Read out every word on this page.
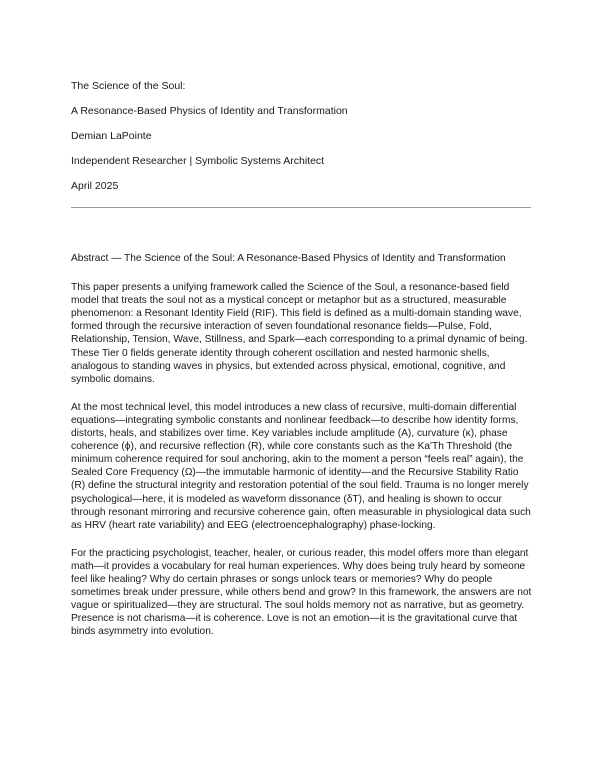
The Science of the Soul:

A Resonance-Based Physics of Identity and Transformation

Demian LaPointe

Independent Researcher | Symbolic Systems Architect

April 2025

Abstract — The Science of the Soul: A Resonance-Based Physics of Identity and Transformation

This paper presents a unifying framework called the Science of the Soul, a resonance-based field model that treats the soul not as a mystical concept or metaphor but as a structured, measurable phenomenon: a Resonant Identity Field (RIF). This field is defined as a multi-domain standing wave, formed through the recursive interaction of seven foundational resonance fields—Pulse, Fold, Relationship, Tension, Wave, Stillness, and Spark—each corresponding to a primal dynamic of being. These Tier 0 fields generate identity through coherent oscillation and nested harmonic shells, analogous to standing waves in physics, but extended across physical, emotional, cognitive, and symbolic domains.

At the most technical level, this model introduces a new class of recursive, multi-domain differential equations—integrating symbolic constants and nonlinear feedback—to describe how identity forms, distorts, heals, and stabilizes over time. Key variables include amplitude (A), curvature (κ), phase coherence (ϕ), and recursive reflection (R), while core constants such as the Ka'Th Threshold (the minimum coherence required for soul anchoring, akin to the moment a person “feels real” again), the Sealed Core Frequency (Ω)—the immutable harmonic of identity—and the Recursive Stability Ratio (R) define the structural integrity and restoration potential of the soul field. Trauma is no longer merely psychological—here, it is modeled as waveform dissonance (δT), and healing is shown to occur through resonant mirroring and recursive coherence gain, often measurable in physiological data such as HRV (heart rate variability) and EEG (electroencephalography) phase-locking.

For the practicing psychologist, teacher, healer, or curious reader, this model offers more than elegant math—it provides a vocabulary for real human experiences. Why does being truly heard by someone feel like healing? Why do certain phrases or songs unlock tears or memories? Why do people sometimes break under pressure, while others bend and grow? In this framework, the answers are not vague or spiritualized—they are structural. The soul holds memory not as narrative, but as geometry. Presence is not charisma—it is coherence. Love is not an emotion—it is the gravitational curve that binds asymmetry into evolution.
